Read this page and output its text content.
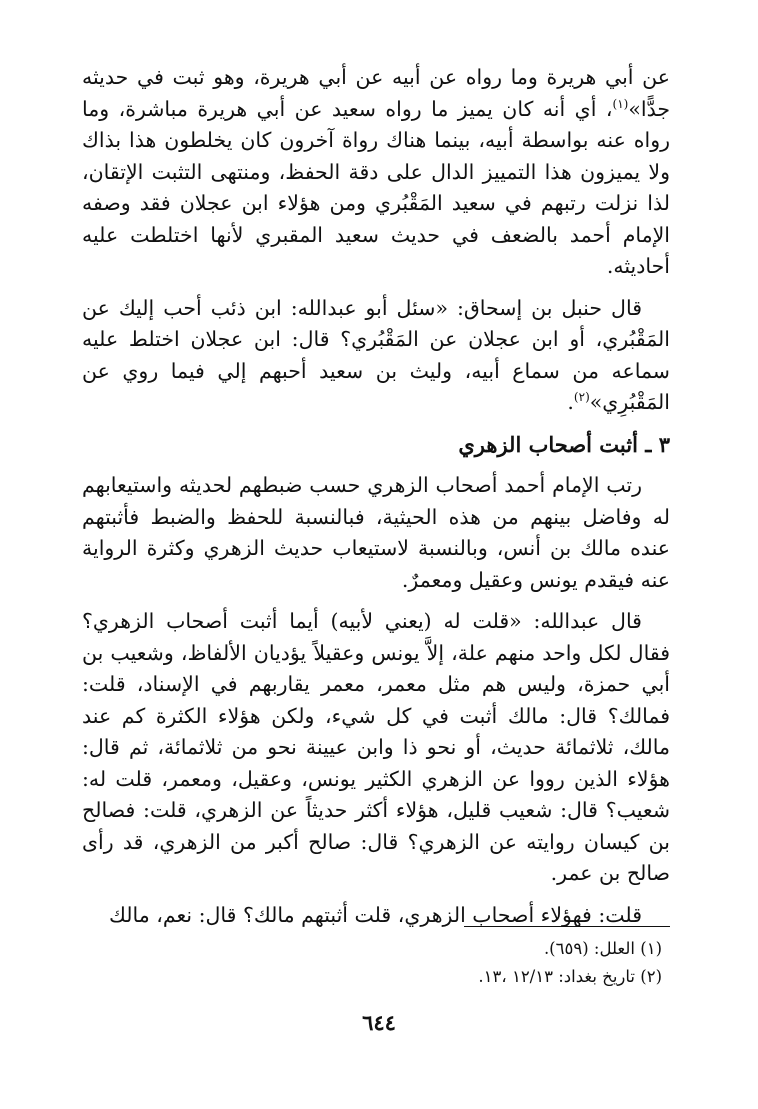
عن أبي هريرة وما رواه عن أبيه عن أبي هريرة، وهو ثبت في حديثه جدًّا»$^{(١)}$، أي أنه كان يميز ما رواه سعيد عن أبي هريرة مباشرة، وما رواه عنه بواسطة أبيه، بينما هناك رواة آخرون كان يخلطون هذا بذاك ولا يميزون هذا التمييز الدال على دقة الحفظ، ومنتهى التثبت الإتقان، لذا نزلت رتبهم في سعيد المَقْبُري ومن هؤلاء ابن عجلان فقد وصفه الإمام أحمد بالضعف في حديث سعيد المقبري لأنها اختلطت عليه أحاديثه.

قال حنبل بن إسحاق: «سئل أبو عبدالله: ابن ذئب أحب إليك عن المَقْبُري، أو ابن عجلان عن المَقْبُري؟ قال: ابن عجلان اختلط عليه سماعه من سماع أبيه، وليث بن سعيد أحبهم إلي فيما روي عن المَقْبُرِي»$^{(٢)}$.

٣ ـ أثبت أصحاب الزهري

رتب الإمام أحمد أصحاب الزهري حسب ضبطهم لحديثه واستيعابهم له وفاضل بينهم من هذه الحيثية، فبالنسبة للحفظ والضبط فأثبتهم عنده مالك بن أنس، وبالنسبة لاستيعاب حديث الزهري وكثرة الرواية عنه فيقدم يونس وعقيل ومعمرٌ.

قال عبدالله: «قلت له (يعني لأبيه) أيما أثبت أصحاب الزهري؟ فقال لكل واحد منهم علة، إلاَّ يونس وعقيلاً يؤديان الألفاظ، وشعيب بن أبي حمزة، وليس هم مثل معمر، معمر يقاربهم في الإسناد، قلت: فمالك؟ قال: مالك أثبت في كل شيء، ولكن هؤلاء الكثرة كم عند مالك، ثلاثمائة حديث، أو نحو ذا وابن عيينة نحو من ثلاثمائة، ثم قال: هؤلاء الذين رووا عن الزهري الكثير يونس، وعقيل، ومعمر، قلت له: شعيب؟ قال: شعيب قليل، هؤلاء أكثر حديثاً عن الزهري، قلت: فصالح بن كيسان روايته عن الزهري؟ قال: صالح أكبر من الزهري، قد رأى صالح بن عمر.

قلت: فهؤلاء أصحاب الزهري، قلت أثبتهم مالك؟ قال: نعم، مالك

(١) العلل: (٦٥٩).

(٢) تاريخ بغداد: ١٢/١٣ ،١٣.

٦٤٤
